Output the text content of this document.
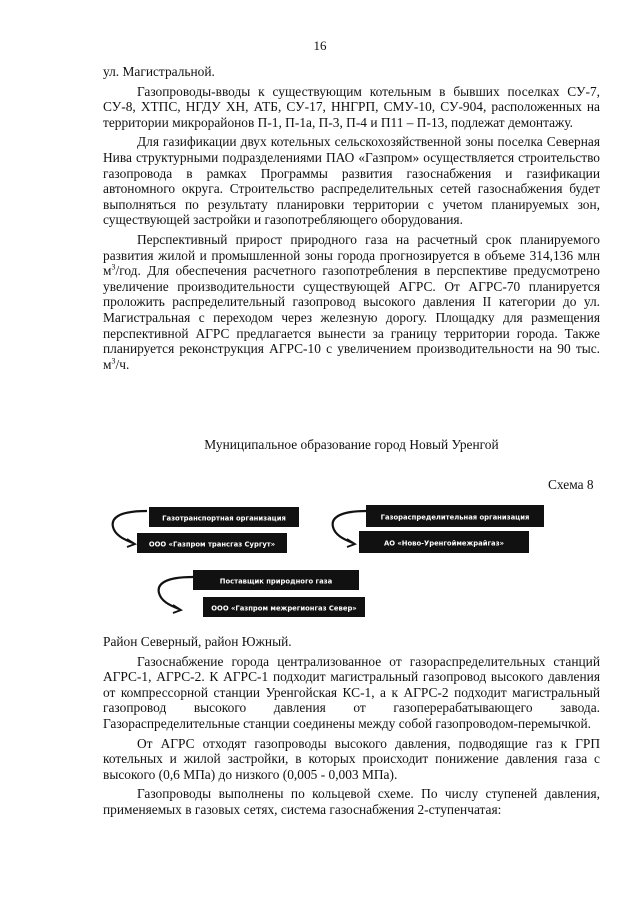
16

ул. Магистральной.

Газопроводы-вводы к существующим котельным в бывших поселках СУ-7, СУ-8, ХТПС, НГДУ ХН, АТБ, СУ-17, ННГРП, СМУ-10, СУ-904, расположенных на территории микрорайонов П-1, П-1а, П-3, П-4 и П11 – П-13, подлежат демонтажу.

Для газификации двух котельных сельскохозяйственной зоны поселка Северная Нива структурными подразделениями ПАО «Газпром» осуществляется строительство газопровода в рамках Программы развития газоснабжения и газификации автономного округа. Строительство распределительных сетей газоснабжения будет выполняться по результату планировки территории с учетом планируемых зон, существующей застройки и газопотребляющего оборудования.

Перспективный прирост природного газа на расчетный срок планируемого развития жилой и промышленной зоны города прогнозируется в объеме 314,136 млн $м^3$/год. Для обеспечения расчетного газопотребления в перспективе предусмотрено увеличение производительности существующей АГРС. От АГРС-70 планируется проложить распределительный газопровод высокого давления II категории до ул. Магистральная с переходом через железную дорогу. Площадку для размещения перспективной АГРС предлагается вынести за границу территории города. Также планируется реконструкция АГРС-10 с увеличением производительности на 90 тыс. $м^3/ч$.

Муниципальное образование город Новый Уренгой
Схема 8
Газотранспортная организация
ООО «Газпром трансгаз Сургут»
Газораспределительная организация
АО «Ново-Уренгоймежрайгаз»
Поставщик природного газа
ООО «Газпром межрегионгаз Север»

Район Северный, район Южный.

Газоснабжение города централизованное от газораспределительных станций АГРС-1, АГРС-2. К АГРС-1 подходит магистральный газопровод высокого давления от компрессорной станции Уренгойская КС-1, а к АГРС-2 подходит магистральный газопровод высокого давления от газоперерабатывающего завода. Газораспределительные станции соединены между собой газопроводом-перемычкой.

От АГРС отходят газопроводы высокого давления, подводящие газ к ГРП котельных и жилой застройки, в которых происходит понижение давления газа с высокого (0,6 МПа) до низкого (0,005 - 0,003 МПа).

Газопроводы выполнены по кольцевой схеме. По числу ступеней давления, применяемых в газовых сетях, система газоснабжения 2-ступенчатая:
